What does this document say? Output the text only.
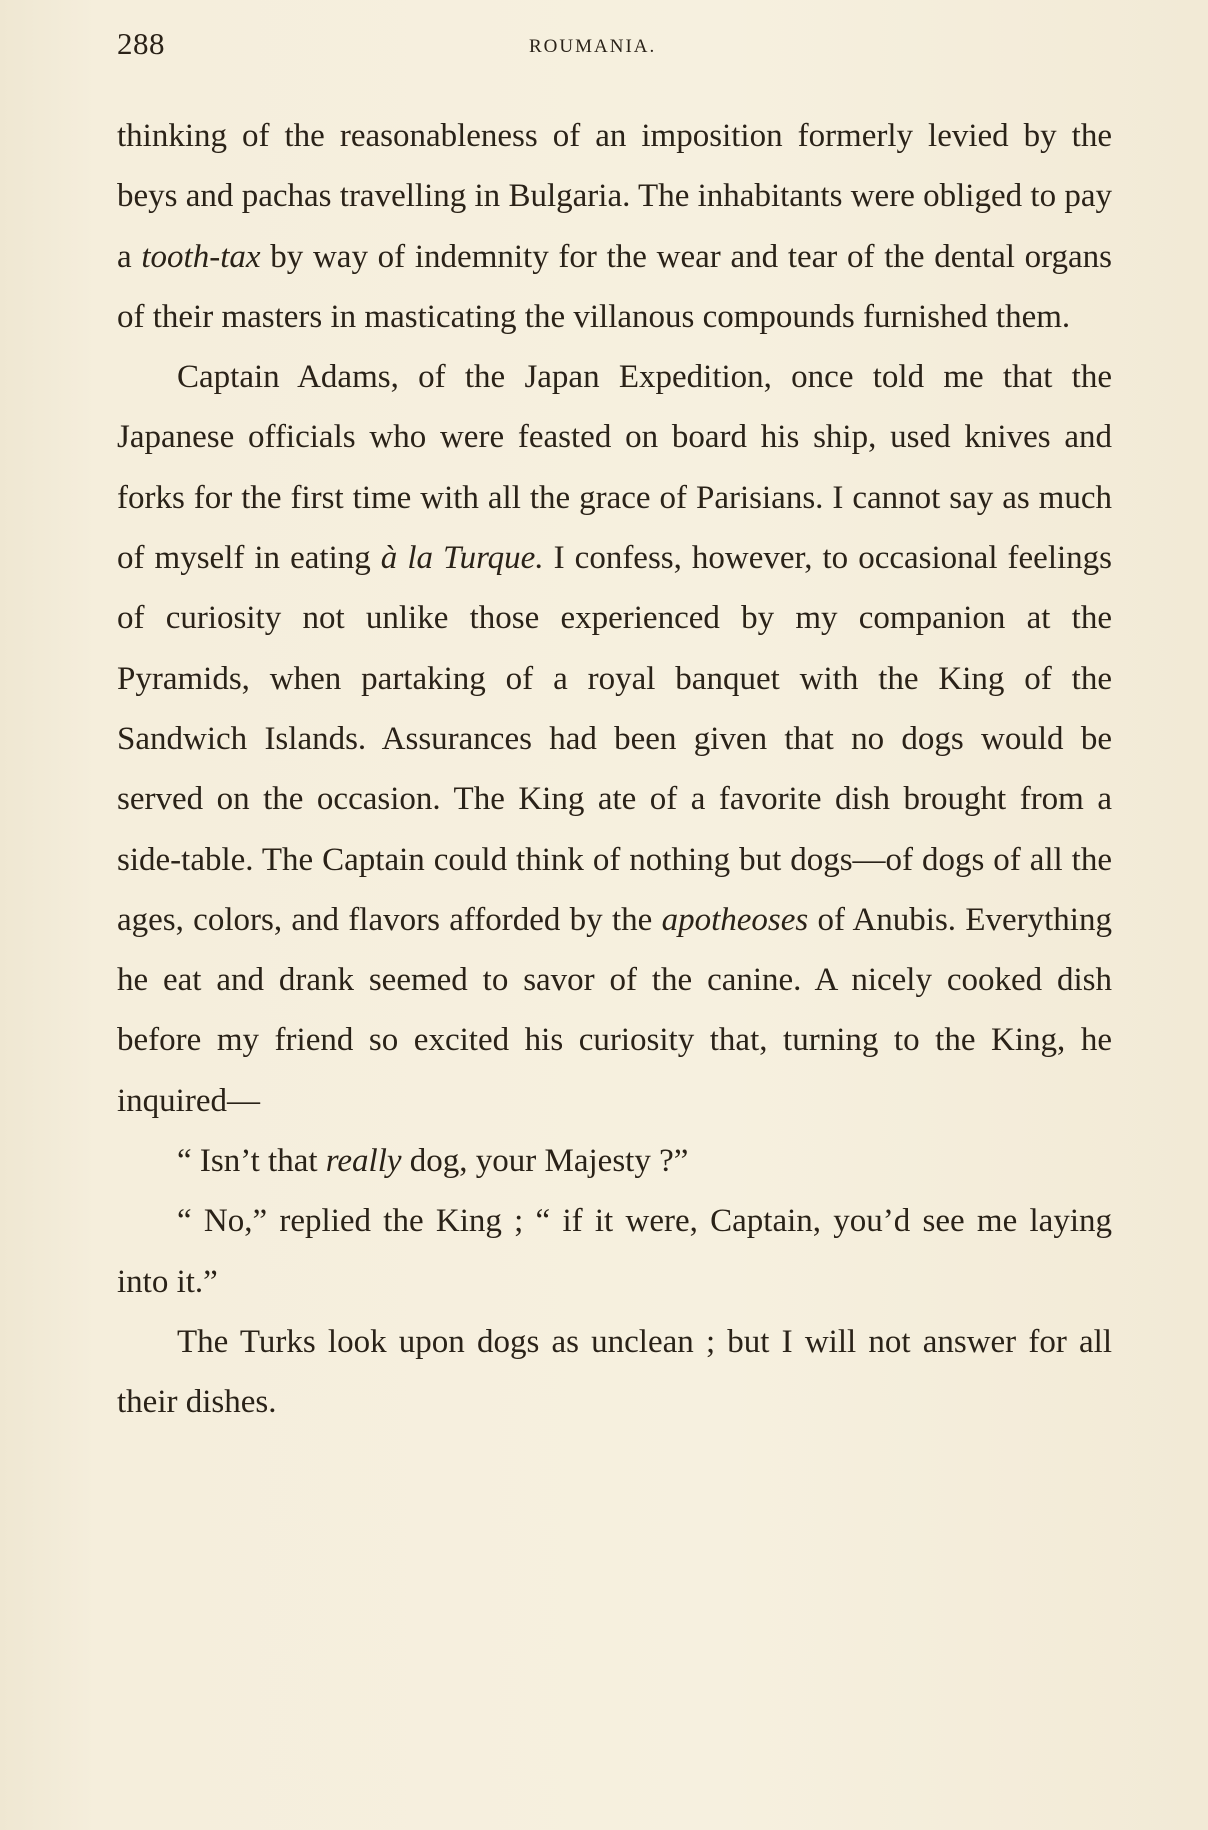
288	ROUMANIA.

thinking of the reasonableness of an imposition formerly levied by the beys and pachas travelling in Bulgaria. The inhabitants were obliged to pay a tooth-tax by way of indemnity for the wear and tear of the dental organs of their masters in masticating the villanous compounds furnished them.

Captain Adams, of the Japan Expedition, once told me that the Japanese officials who were feasted on board his ship, used knives and forks for the first time with all the grace of Parisians. I cannot say as much of myself in eating à la Turque. I confess, however, to occasional feelings of curiosity not unlike those experienced by my companion at the Pyramids, when partaking of a royal banquet with the King of the Sandwich Islands. Assurances had been given that no dogs would be served on the occasion. The King ate of a favorite dish brought from a side-table. The Captain could think of nothing but dogs—of dogs of all the ages, colors, and flavors afforded by the apotheoses of Anubis. Everything he eat and drank seemed to savor of the canine. A nicely cooked dish before my friend so excited his curiosity that, turning to the King, he inquired—

“ Isn’t that really dog, your Majesty ?”

“ No,” replied the King ; “ if it were, Captain, you’d see me laying into it.”

The Turks look upon dogs as unclean ; but I will not answer for all their dishes.
